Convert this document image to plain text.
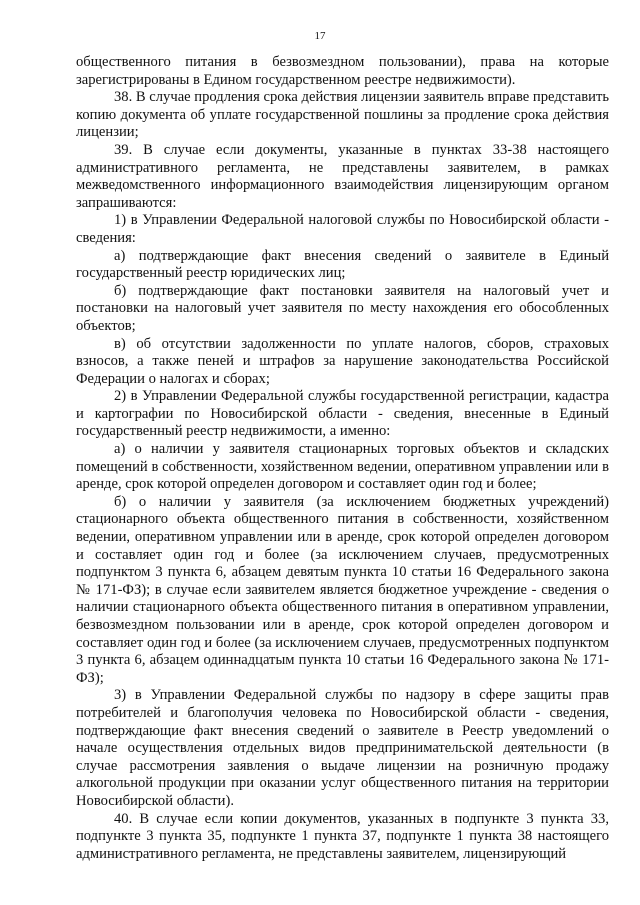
17

общественного питания в безвозмездном пользовании), права на которые зарегистрированы в Едином государственном реестре недвижимости).

38. В случае продления срока действия лицензии заявитель вправе представить копию документа об уплате государственной пошлины за продление срока действия лицензии;

39. В случае если документы, указанные в пунктах 33-38 настоящего административного регламента, не представлены заявителем, в рамках межведомственного информационного взаимодействия лицензирующим органом запрашиваются:

1) в Управлении Федеральной налоговой службы по Новосибирской области - сведения:

а) подтверждающие факт внесения сведений о заявителе в Единый государственный реестр юридических лиц;

б) подтверждающие факт постановки заявителя на налоговый учет и постановки на налоговый учет заявителя по месту нахождения его обособленных объектов;

в) об отсутствии задолженности по уплате налогов, сборов, страховых взносов, а также пеней и штрафов за нарушение законодательства Российской Федерации о налогах и сборах;

2) в Управлении Федеральной службы государственной регистрации, кадастра и картографии по Новосибирской области - сведения, внесенные в Единый государственный реестр недвижимости, а именно:

а) о наличии у заявителя стационарных торговых объектов и складских помещений в собственности, хозяйственном ведении, оперативном управлении или в аренде, срок которой определен договором и составляет один год и более;

б) о наличии у заявителя (за исключением бюджетных учреждений) стационарного объекта общественного питания в собственности, хозяйственном ведении, оперативном управлении или в аренде, срок которой определен договором и составляет один год и более (за исключением случаев, предусмотренных подпунктом 3 пункта 6, абзацем девятым пункта 10 статьи 16 Федерального закона № 171-ФЗ); в случае если заявителем является бюджетное учреждение - сведения о наличии стационарного объекта общественного питания в оперативном управлении, безвозмездном пользовании или в аренде, срок которой определен договором и составляет один год и более (за исключением случаев, предусмотренных подпунктом 3 пункта 6, абзацем одиннадцатым пункта 10 статьи 16 Федерального закона № 171-ФЗ);

3) в Управлении Федеральной службы по надзору в сфере защиты прав потребителей и благополучия человека по Новосибирской области - сведения, подтверждающие факт внесения сведений о заявителе в Реестр уведомлений о начале осуществления отдельных видов предпринимательской деятельности (в случае рассмотрения заявления о выдаче лицензии на розничную продажу алкогольной продукции при оказании услуг общественного питания на территории Новосибирской области).

40. В случае если копии документов, указанных в подпункте 3 пункта 33, подпункте 3 пункта 35, подпункте 1 пункта 37, подпункте 1 пункта 38 настоящего административного регламента, не представлены заявителем, лицензирующий
